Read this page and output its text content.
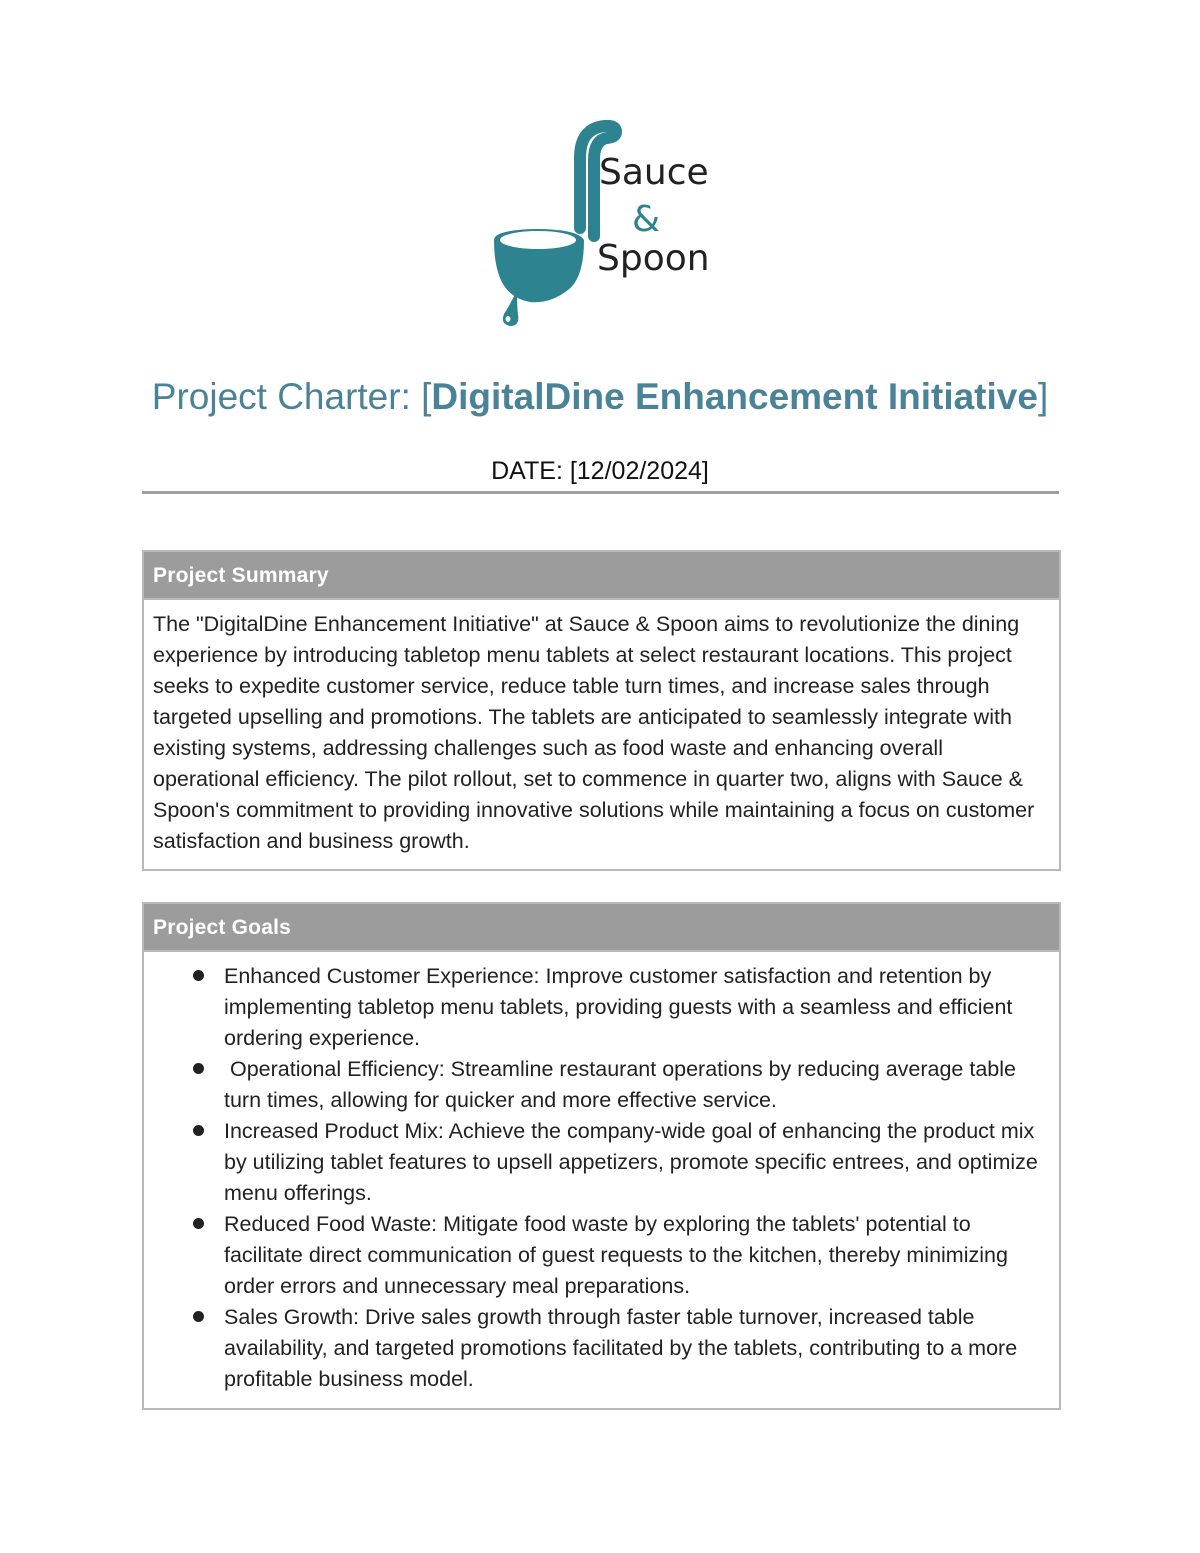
Sauce
&
Spoon
Project Charter: [DigitalDine Enhancement Initiative]
DATE: [12/02/2024]
Project Summary
The "DigitalDine Enhancement Initiative" at Sauce & Spoon aims to revolutionize the dining experience by introducing tabletop menu tablets at select restaurant locations. This project seeks to expedite customer service, reduce table turn times, and increase sales through targeted upselling and promotions. The tablets are anticipated to seamlessly integrate with existing systems, addressing challenges such as food waste and enhancing overall operational efficiency. The pilot rollout, set to commence in quarter two, aligns with Sauce & Spoon's commitment to providing innovative solutions while maintaining a focus on customer satisfaction and business growth.
Project Goals
Enhanced Customer Experience: Improve customer satisfaction and retention by implementing tabletop menu tablets, providing guests with a seamless and efficient ordering experience.
Operational Efficiency: Streamline restaurant operations by reducing average table turn times, allowing for quicker and more effective service.
Increased Product Mix: Achieve the company-wide goal of enhancing the product mix by utilizing tablet features to upsell appetizers, promote specific entrees, and optimize menu offerings.
Reduced Food Waste: Mitigate food waste by exploring the tablets' potential to facilitate direct communication of guest requests to the kitchen, thereby minimizing order errors and unnecessary meal preparations.
Sales Growth: Drive sales growth through faster table turnover, increased table availability, and targeted promotions facilitated by the tablets, contributing to a more profitable business model.
